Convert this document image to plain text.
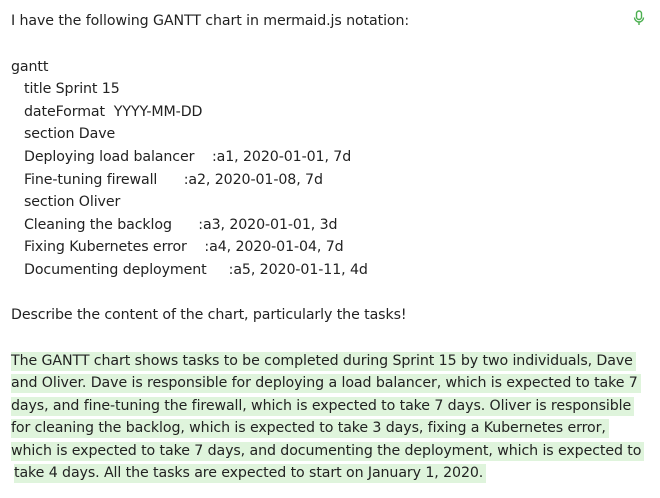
I have the following GANTT chart in mermaid.js notation:
gantt
title Sprint 15
dateFormat  YYYY-MM-DD
section Dave
Deploying load balancer    :a1, 2020-01-01, 7d
Fine-tuning firewall      :a2, 2020-01-08, 7d
section Oliver
Cleaning the backlog      :a3, 2020-01-01, 3d
Fixing Kubernetes error    :a4, 2020-01-04, 7d
Documenting deployment     :a5, 2020-01-11, 4d
Describe the content of the chart, particularly the tasks!
The GANTT chart shows tasks to be completed during Sprint 15 by two individuals, Dave
and Oliver. Dave is responsible for deploying a load balancer, which is expected to take 7
days, and fine-tuning the firewall, which is expected to take 7 days. Oliver is responsible
for cleaning the backlog, which is expected to take 3 days, fixing a Kubernetes error,
which is expected to take 7 days, and documenting the deployment, which is expected to
take 4 days. All the tasks are expected to start on January 1, 2020.
